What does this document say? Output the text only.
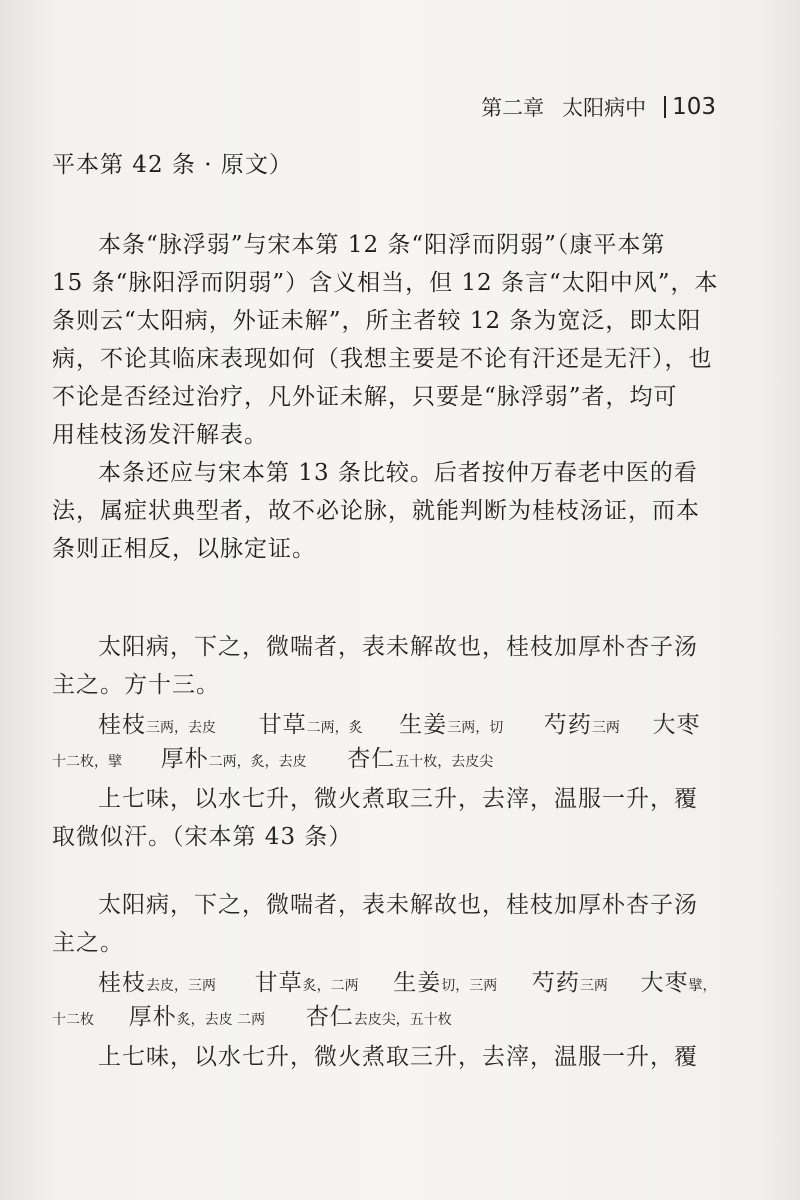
第二章 太阳病中 103
平本第 42 条 · 原文）
本条“脉浮弱”与宋本第 12 条“阳浮而阴弱”（康平本第
15 条“脉阳浮而阴弱”）含义相当，但 12 条言“太阳中风”，本
条则云“太阳病，外证未解”，所主者较 12 条为宽泛，即太阳
病，不论其临床表现如何（我想主要是不论有汗还是无汗），也
不论是否经过治疗，凡外证未解，只要是“脉浮弱”者，均可
用桂枝汤发汗解表。
本条还应与宋本第 13 条比较。后者按仲万春老中医的看
法，属症状典型者，故不必论脉，就能判断为桂枝汤证，而本
条则正相反，以脉定证。
太阳病，下之，微喘者，表未解故也，桂枝加厚朴杏子汤
主之。方十三。
桂枝三两，去皮 甘草二两，炙 生姜三两，切 芍药三两 大枣
十二枚，擘 厚朴二两，炙，去皮 杏仁五十枚，去皮尖
上七味，以水七升，微火煮取三升，去滓，温服一升，覆
取微似汗。（宋本第 43 条）
太阳病，下之，微喘者，表未解故也，桂枝加厚朴杏子汤
主之。
桂枝去皮，三两 甘草炙，二两 生姜切，三两 芍药三两 大枣擘，
十二枚 厚朴炙，去皮 二两 杏仁去皮尖，五十枚
上七味，以水七升，微火煮取三升，去滓，温服一升，覆
